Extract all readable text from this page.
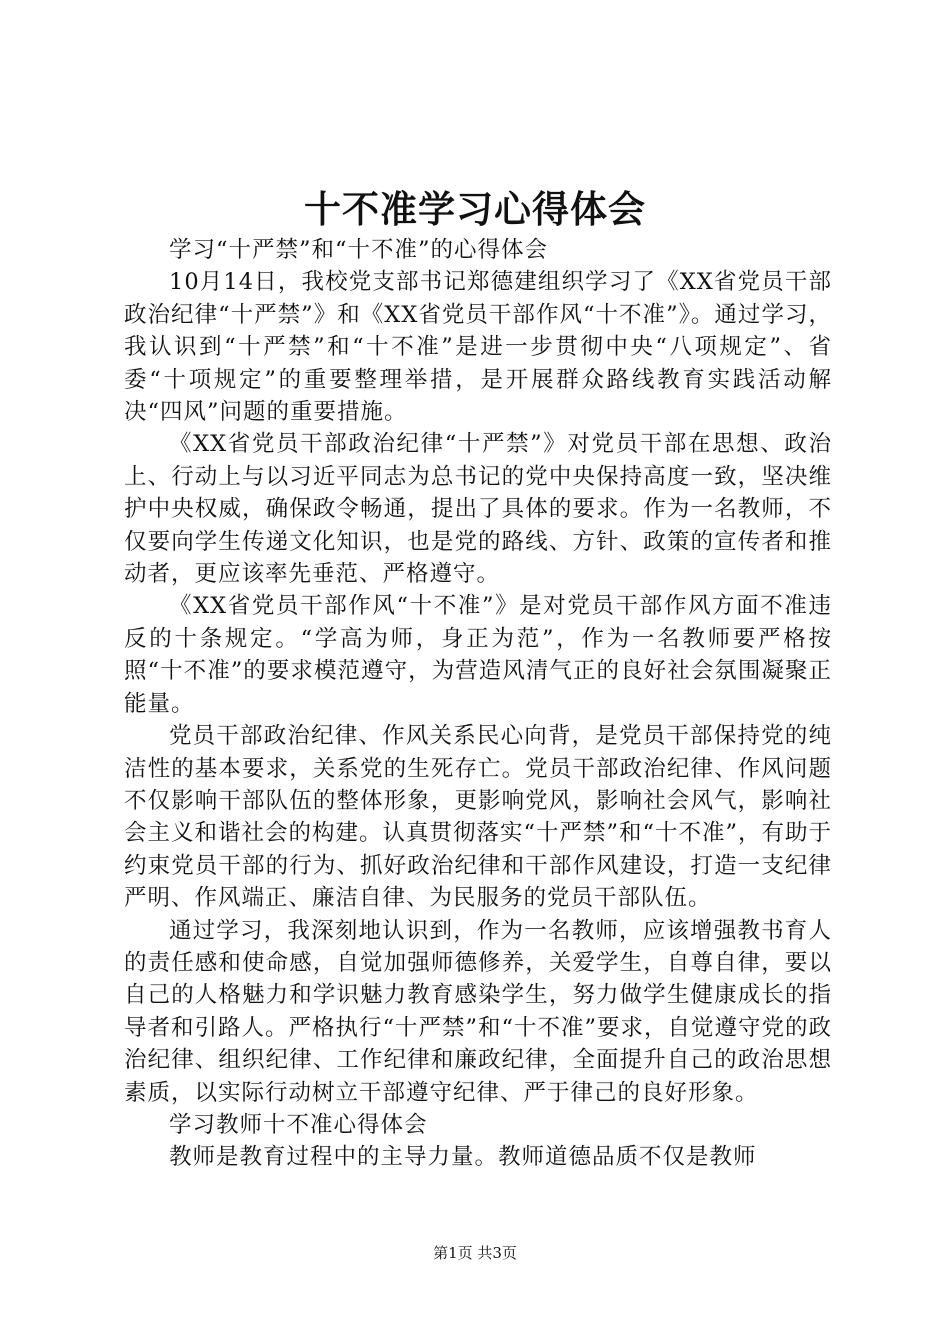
十不准学习心得体会

学习“十严禁”和“十不准”的心得体会

10月14日，我校党支部书记郑德建组织学习了《XX省党员干部政治纪律“十严禁”》和《XX省党员干部作风“十不准”》。通过学习，我认识到“十严禁”和“十不准”是进一步贯彻中央“八项规定”、省委“十项规定”的重要整理举措，是开展群众路线教育实践活动解决“四风”问题的重要措施。

《XX省党员干部政治纪律“十严禁”》对党员干部在思想、政治上、行动上与以习近平同志为总书记的党中央保持高度一致，坚决维护中央权威，确保政令畅通，提出了具体的要求。作为一名教师，不仅要向学生传递文化知识，也是党的路线、方针、政策的宣传者和推动者，更应该率先垂范、严格遵守。

《XX省党员干部作风“十不准”》是对党员干部作风方面不准违反的十条规定。“学高为师，身正为范”，作为一名教师要严格按照“十不准”的要求模范遵守，为营造风清气正的良好社会氛围凝聚正能量。

党员干部政治纪律、作风关系民心向背，是党员干部保持党的纯洁性的基本要求，关系党的生死存亡。党员干部政治纪律、作风问题不仅影响干部队伍的整体形象，更影响党风，影响社会风气，影响社会主义和谐社会的构建。认真贯彻落实“十严禁”和“十不准”，有助于约束党员干部的行为、抓好政治纪律和干部作风建设，打造一支纪律严明、作风端正、廉洁自律、为民服务的党员干部队伍。

通过学习，我深刻地认识到，作为一名教师，应该增强教书育人的责任感和使命感，自觉加强师德修养，关爱学生，自尊自律，要以自己的人格魅力和学识魅力教育感染学生，努力做学生健康成长的指导者和引路人。严格执行“十严禁”和“十不准”要求，自觉遵守党的政治纪律、组织纪律、工作纪律和廉政纪律，全面提升自己的政治思想素质，以实际行动树立干部遵守纪律、严于律己的良好形象。

学习教师十不准心得体会

教师是教育过程中的主导力量。教师道德品质不仅是教师

第1页 共3页
